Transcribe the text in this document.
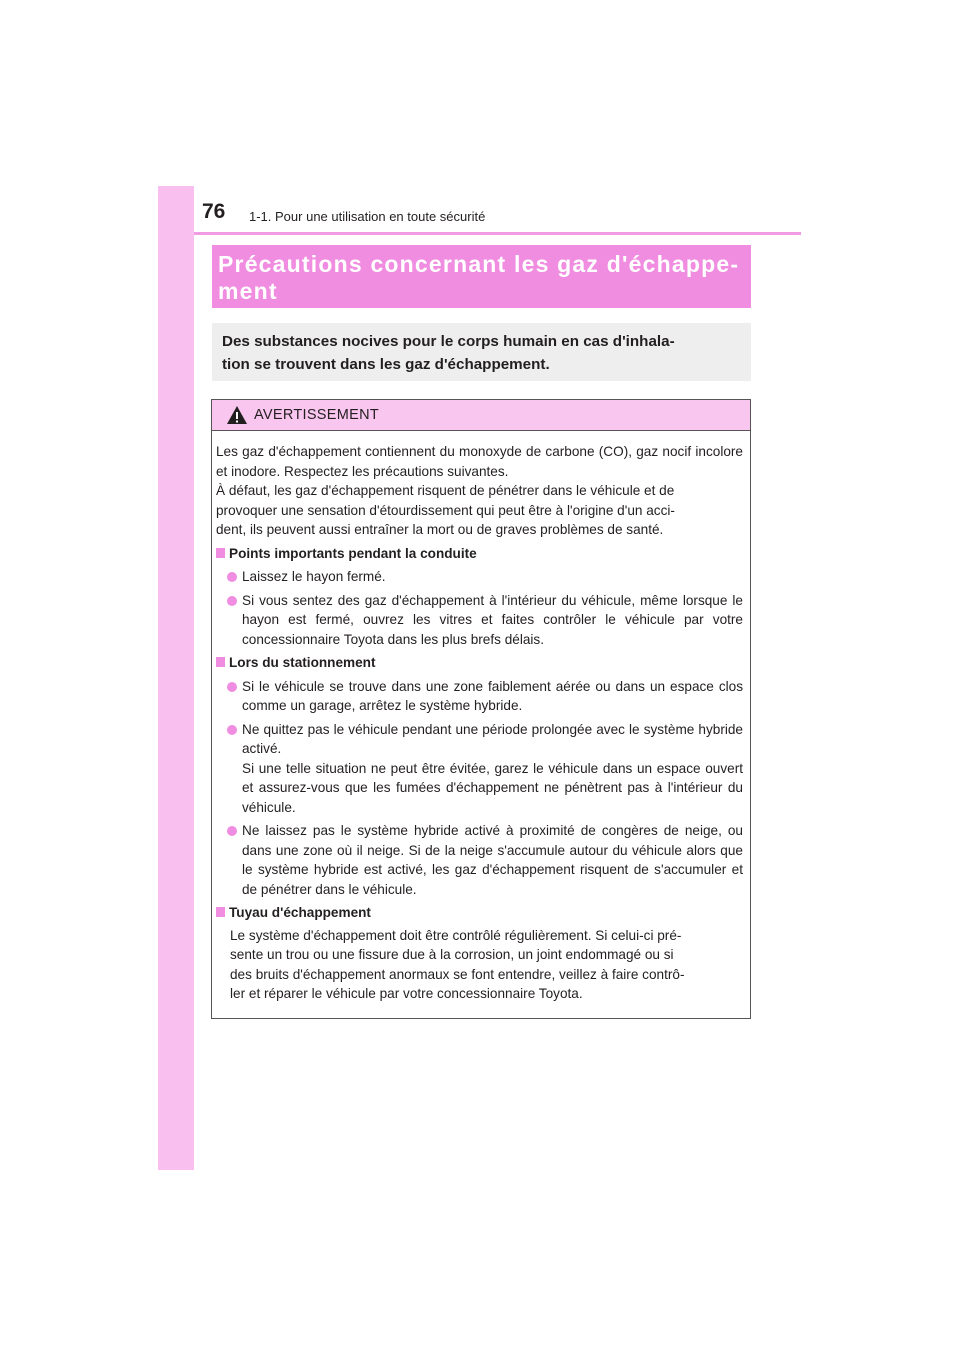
76 1-1. Pour une utilisation en toute sécurité
Précautions concernant les gaz d'échappe-
ment
Des substances nocives pour le corps humain en cas d'inhala-
tion se trouvent dans les gaz d'échappement.
AVERTISSEMENT

Les gaz d'échappement contiennent du monoxyde de carbone (CO), gaz nocif incolore et inodore. Respectez les précautions suivantes.

À défaut, les gaz d'échappement risquent de pénétrer dans le véhicule et de
provoquer une sensation d'étourdissement qui peut être à l'origine d'un acci-
dent, ils peuvent aussi entraîner la mort ou de graves problèmes de santé.

Points importants pendant la conduite
Laissez le hayon fermé.
Si vous sentez des gaz d'échappement à l'intérieur du véhicule, même lorsque le hayon est fermé, ouvrez les vitres et faites contrôler le véhicule par votre concessionnaire Toyota dans les plus brefs délais.
Lors du stationnement
Si le véhicule se trouve dans une zone faiblement aérée ou dans un espace clos comme un garage, arrêtez le système hybride.
Ne quittez pas le véhicule pendant une période prolongée avec le système hybride activé.
Si une telle situation ne peut être évitée, garez le véhicule dans un espace ouvert et assurez-vous que les fumées d'échappement ne pénètrent pas à l'intérieur du véhicule.
Ne laissez pas le système hybride activé à proximité de congères de neige, ou dans une zone où il neige. Si de la neige s'accumule autour du véhicule alors que le système hybride est activé, les gaz d'échappement risquent de s'accumuler et de pénétrer dans le véhicule.
Tuyau d'échappement

Le système d'échappement doit être contrôlé régulièrement. Si celui-ci pré-
sente un trou ou une fissure due à la corrosion, un joint endommagé ou si
des bruits d'échappement anormaux se font entendre, veillez à faire contrô-
ler et réparer le véhicule par votre concessionnaire Toyota.
